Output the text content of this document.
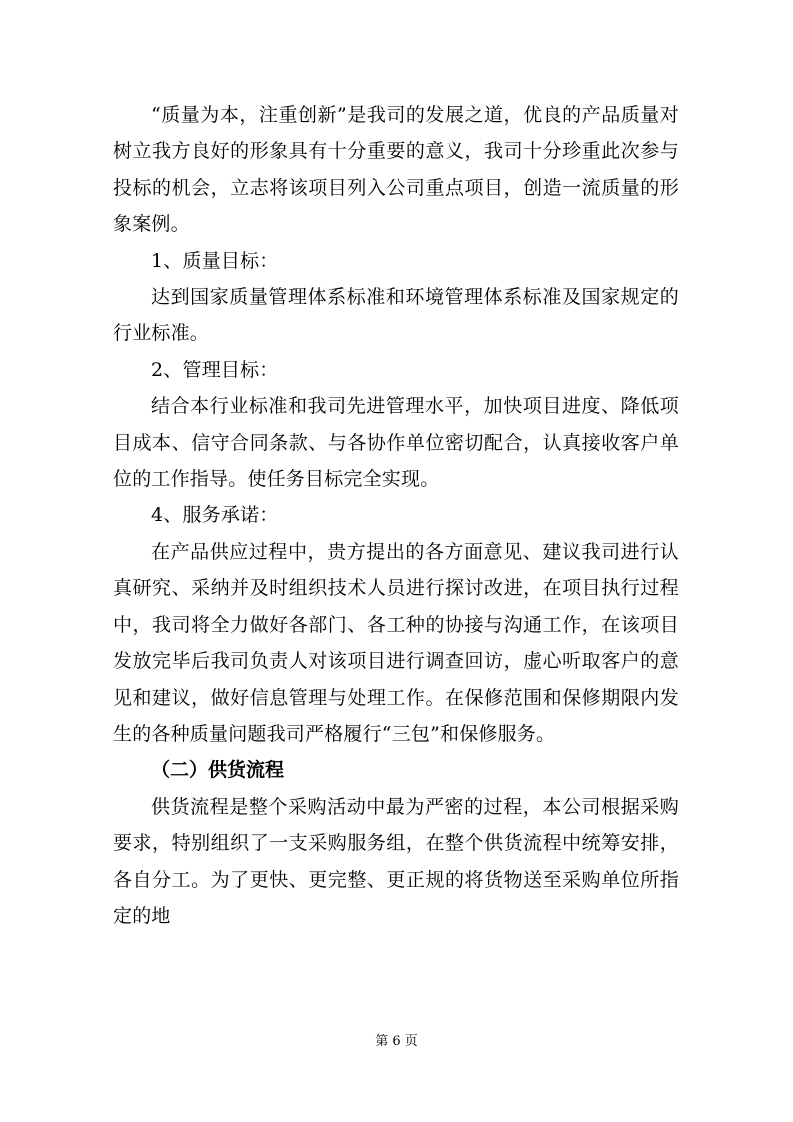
“质量为本，注重创新”是我司的发展之道，优良的产品质量对树立我方良好的形象具有十分重要的意义，我司十分珍重此次参与投标的机会，立志将该项目列入公司重点项目，创造一流质量的形象案例。

1、质量目标：

达到国家质量管理体系标准和环境管理体系标准及国家规定的行业标准。

2、管理目标：

结合本行业标准和我司先进管理水平，加快项目进度、降低项目成本、信守合同条款、与各协作单位密切配合，认真接收客户单位的工作指导。使任务目标完全实现。

4、服务承诺：

在产品供应过程中，贵方提出的各方面意见、建议我司进行认真研究、采纳并及时组织技术人员进行探讨改进，在项目执行过程中，我司将全力做好各部门、各工种的协接与沟通工作，在该项目发放完毕后我司负责人对该项目进行调查回访，虚心听取客户的意见和建议，做好信息管理与处理工作。在保修范围和保修期限内发生的各种质量问题我司严格履行“三包”和保修服务。

（二）供货流程

供货流程是整个采购活动中最为严密的过程，本公司根据采购要求，特别组织了一支采购服务组，在整个供货流程中统筹安排，各自分工。为了更快、更完整、更正规的将货物送至采购单位所指定的地

第 6 页
